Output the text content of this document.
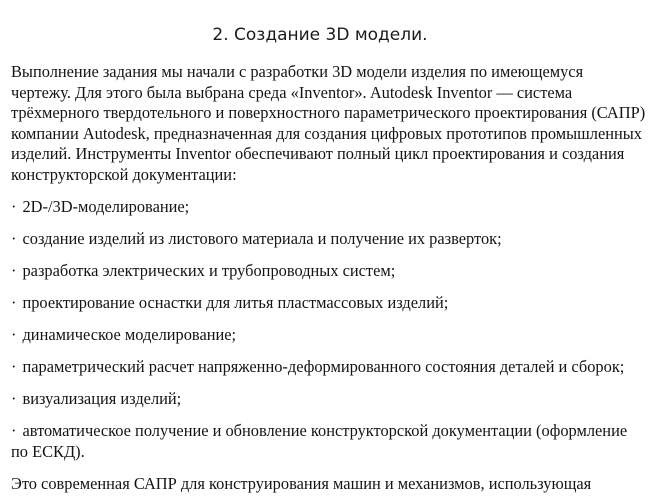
2. Создание 3D модели.

Выполнение задания мы начали с разработки 3D модели изделия по имеющемуся чертежу. Для этого была выбрана среда «Inventor». Autodesk Inventor — система трёхмерного твердотельного и поверхностного параметрического проектирования (САПР) компании Autodesk, предназначенная для создания цифровых прототипов промышленных изделий. Инструменты Inventor обеспечивают полный цикл проектирования и создания конструкторской документации:

· 2D-/3D-моделирование;
· создание изделий из листового материала и получение их разверток;
· разработка электрических и трубопроводных систем;
· проектирование оснастки для литья пластмассовых изделий;
· динамическое моделирование;
· параметрический расчет напряженно-деформированного состояния деталей и сборок;
· визуализация изделий;
· автоматическое получение и обновление конструкторской документации (оформление по ЕСКД).

Это современная САПР для конструирования машин и механизмов, использующая
